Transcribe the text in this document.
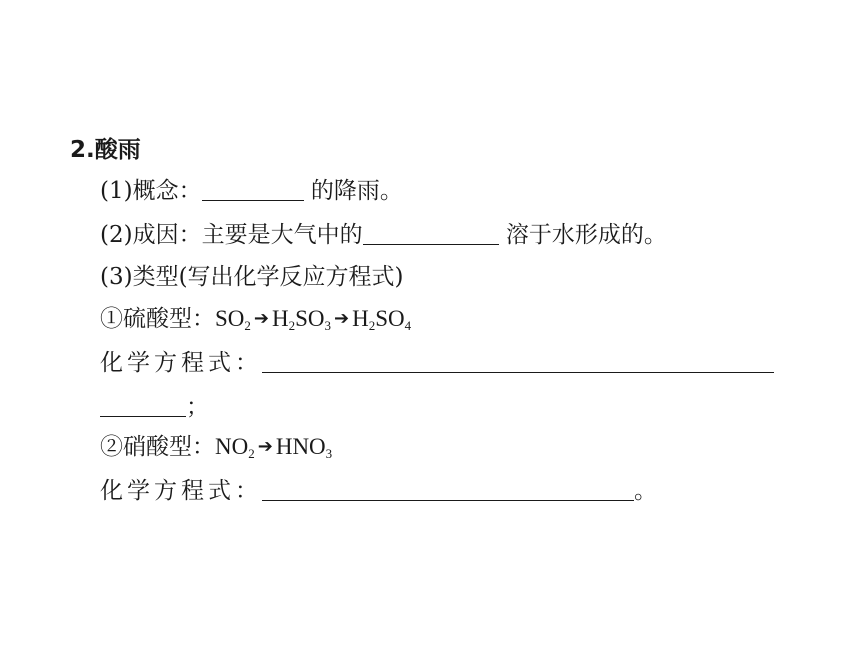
2.酸雨
(1)概念：	的降雨。
(2)成因：主要是大气中的	溶于水形成的。
(3)类型(写出化学反应方程式)
①硫酸型：$SO_2$ ➔ $H_2SO_3$ ➔ $H_2SO_4$
化学方程式：
；
②硝酸型：$NO_2$ ➔ $HNO_3$
化学方程式：	。
